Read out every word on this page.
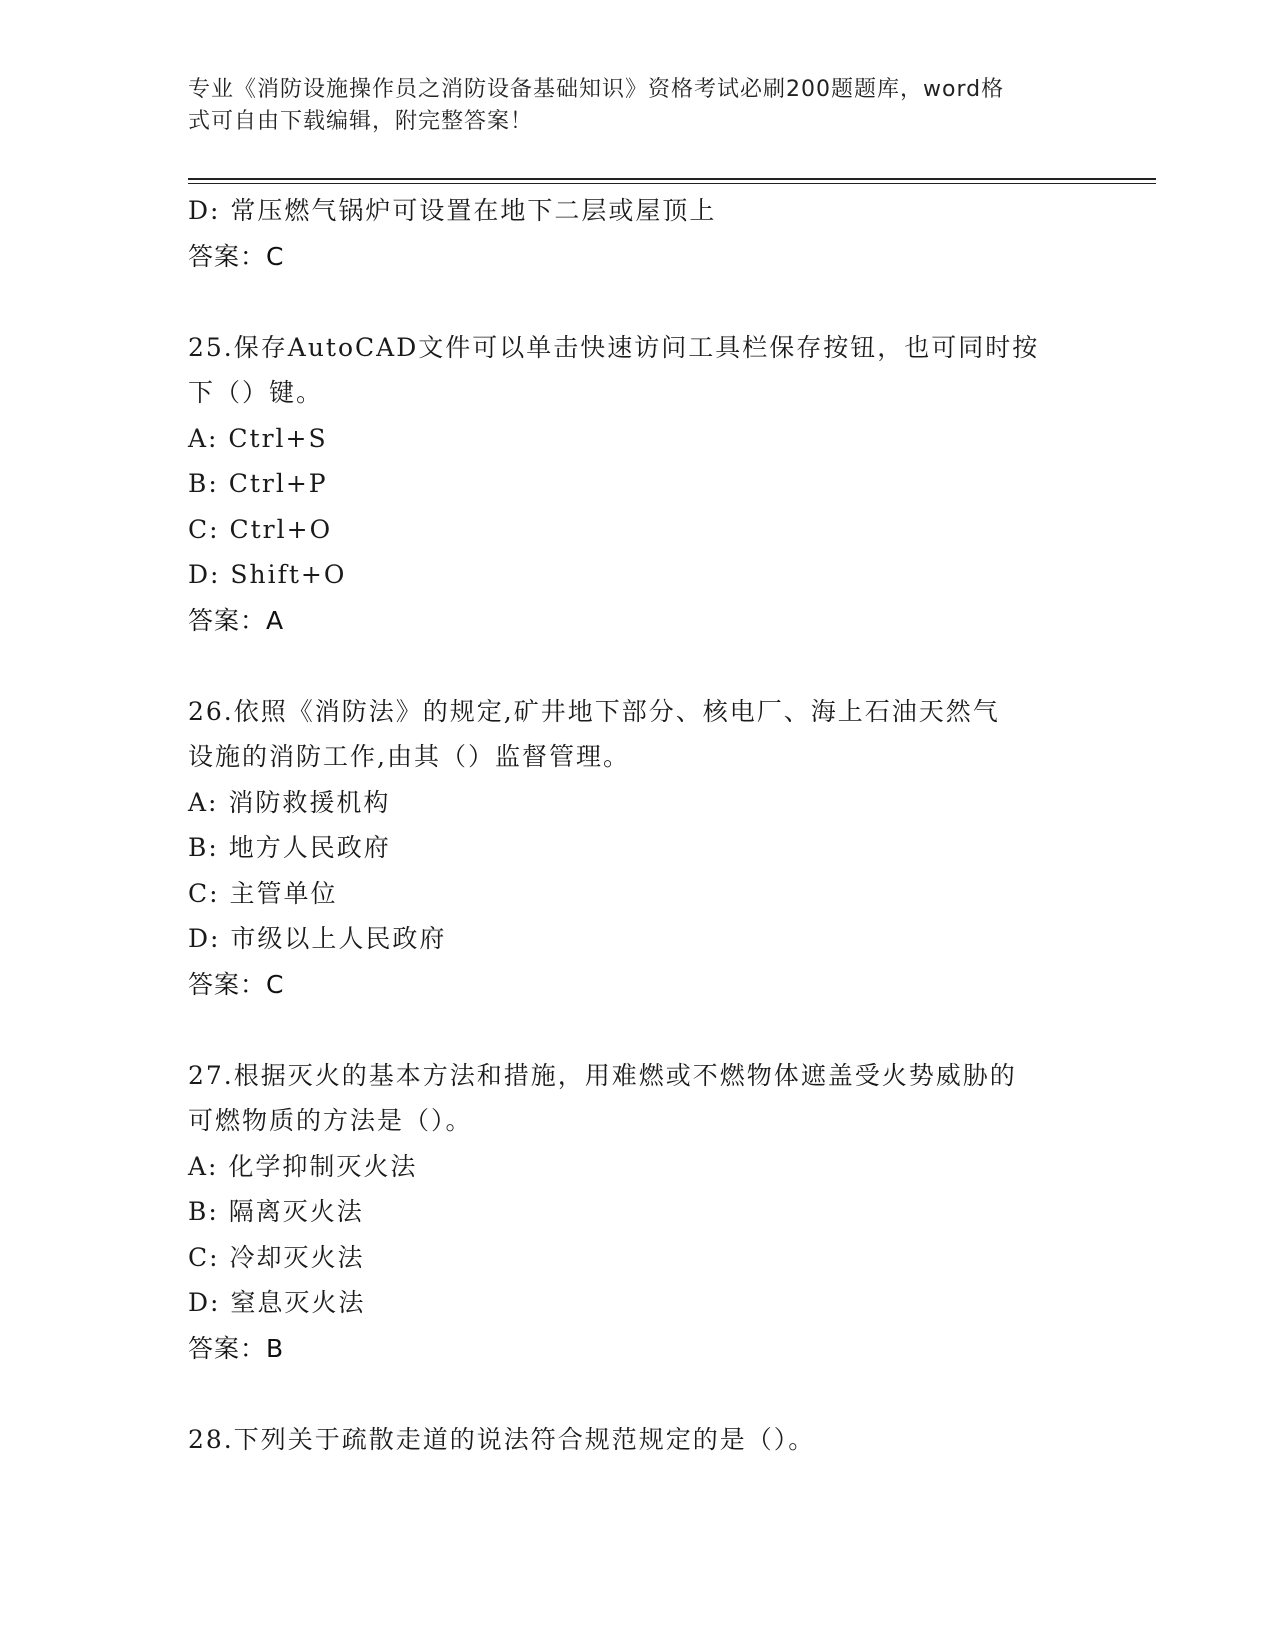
专业《消防设施操作员之消防设备基础知识》资格考试必刷200题题库，word格
式可自由下载编辑，附完整答案！
D: 常压燃气锅炉可设置在地下二层或屋顶上
答案：C
25.保存AutoCAD文件可以单击快速访问工具栏保存按钮，也可同时按
下（）键。
A: Ctrl+S
B: Ctrl+P
C: Ctrl+O
D: Shift+O
答案：A
26.依照《消防法》的规定,矿井地下部分、核电厂、海上石油天然气
设施的消防工作,由其（）监督管理。
A: 消防救援机构
B: 地方人民政府
C: 主管单位
D: 市级以上人民政府
答案：C
27.根据灭火的基本方法和措施，用难燃或不燃物体遮盖受火势威胁的
可燃物质的方法是（）。
A: 化学抑制灭火法
B: 隔离灭火法
C: 冷却灭火法
D: 窒息灭火法
答案：B
28.下列关于疏散走道的说法符合规范规定的是（）。
